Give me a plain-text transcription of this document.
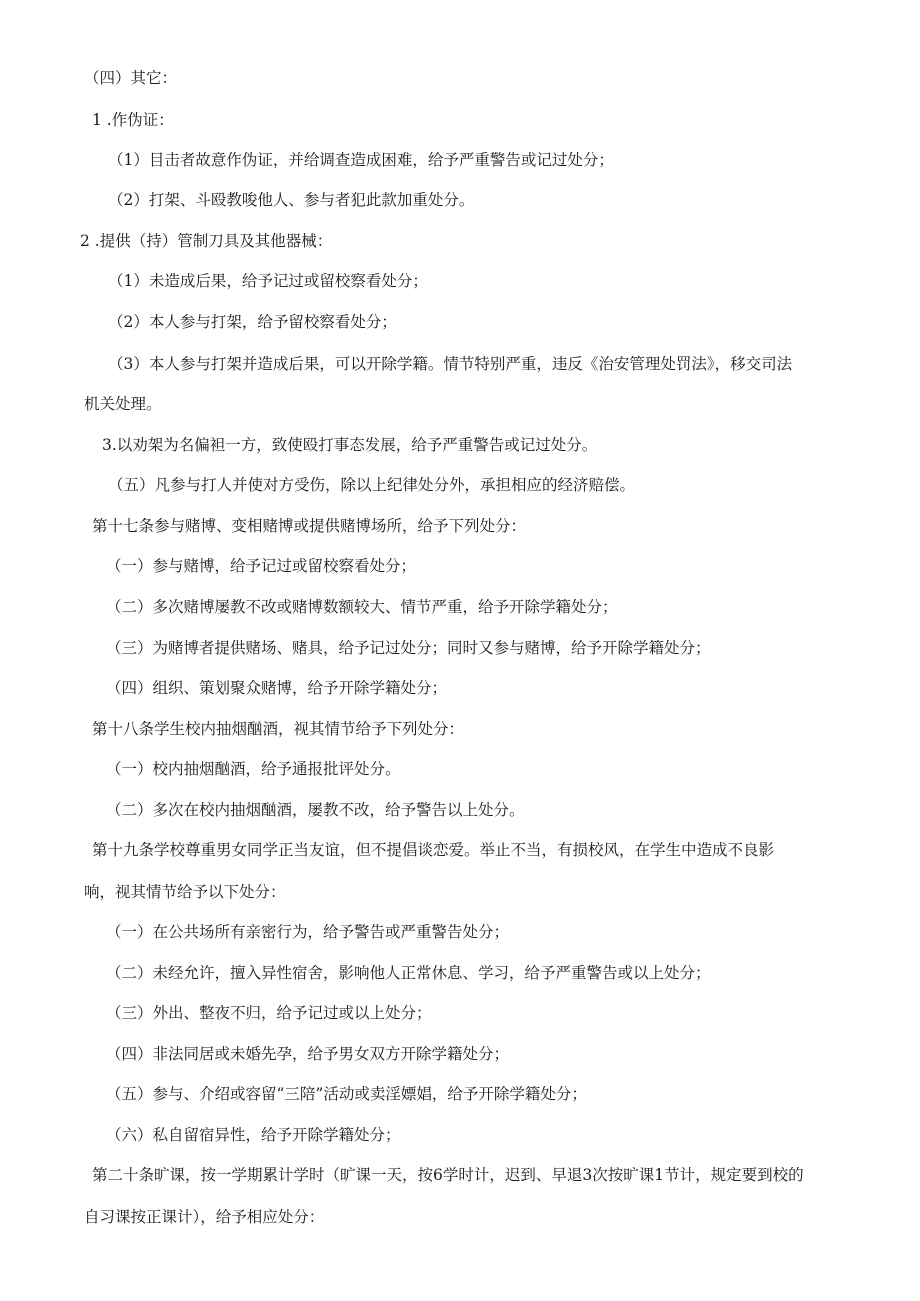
（四）其它：
1 .作伪证：
（1）目击者故意作伪证，并给调查造成困难，给予严重警告或记过处分；
（2）打架、斗殴教唆他人、参与者犯此款加重处分。
2 .提供（持）管制刀具及其他器械：
（1）未造成后果，给予记过或留校察看处分；
（2）本人参与打架，给予留校察看处分；
（3）本人参与打架并造成后果，可以开除学籍。情节特别严重，违反《治安管理处罚法》，移交司法
机关处理。
3.以劝架为名偏袒一方，致使殴打事态发展，给予严重警告或记过处分。
（五）凡参与打人并使对方受伤，除以上纪律处分外，承担相应的经济赔偿。
第十七条参与赌博、变相赌博或提供赌博场所，给予下列处分：
（一）参与赌博，给予记过或留校察看处分；
（二）多次赌博屡教不改或赌博数额较大、情节严重，给予开除学籍处分；
（三）为赌博者提供赌场、赌具，给予记过处分；同时又参与赌博，给予开除学籍处分；
（四）组织、策划聚众赌博，给予开除学籍处分；
第十八条学生校内抽烟酗酒，视其情节给予下列处分：
（一）校内抽烟酗酒，给予通报批评处分。
（二）多次在校内抽烟酗酒，屡教不改，给予警告以上处分。
第十九条学校尊重男女同学正当友谊，但不提倡谈恋爱。举止不当，有损校风，在学生中造成不良影
响，视其情节给予以下处分：
（一）在公共场所有亲密行为，给予警告或严重警告处分；
（二）未经允许，擅入异性宿舍，影响他人正常休息、学习，给予严重警告或以上处分；
（三）外出、整夜不归，给予记过或以上处分；
（四）非法同居或未婚先孕，给予男女双方开除学籍处分；
（五）参与、介绍或容留“三陪”活动或卖淫嫖娼，给予开除学籍处分；
（六）私自留宿异性，给予开除学籍处分；
第二十条旷课，按一学期累计学时（旷课一天，按6学时计，迟到、早退3次按旷课1节计，规定要到校的
自习课按正课计），给予相应处分：
